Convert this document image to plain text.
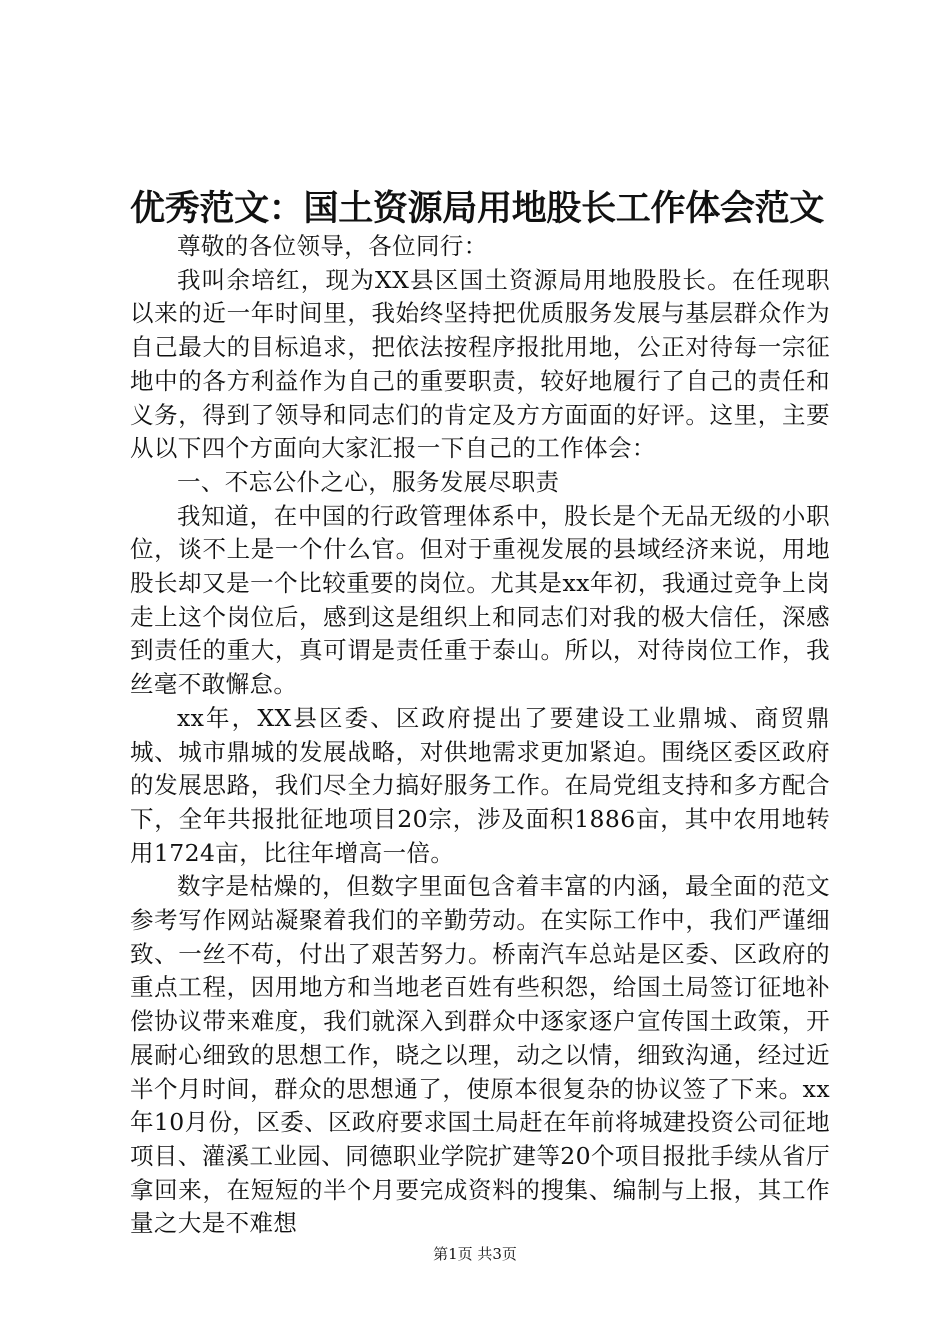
优秀范文：国土资源局用地股长工作体会范文

尊敬的各位领导，各位同行：

我叫余培红，现为XX县区国土资源局用地股股长。在任现职以来的近一年时间里，我始终坚持把优质服务发展与基层群众作为自己最大的目标追求，把依法按程序报批用地，公正对待每一宗征地中的各方利益作为自己的重要职责，较好地履行了自己的责任和义务，得到了领导和同志们的肯定及方方面面的好评。这里，主要从以下四个方面向大家汇报一下自己的工作体会：

一、不忘公仆之心，服务发展尽职责

我知道，在中国的行政管理体系中，股长是个无品无级的小职位，谈不上是一个什么官。但对于重视发展的县域经济来说，用地股长却又是一个比较重要的岗位。尤其是xx年初，我通过竞争上岗走上这个岗位后，感到这是组织上和同志们对我的极大信任，深感到责任的重大，真可谓是责任重于泰山。所以，对待岗位工作，我丝毫不敢懈怠。

xx年，XX县区委、区政府提出了要建设工业鼎城、商贸鼎城、城市鼎城的发展战略，对供地需求更加紧迫。围绕区委区政府的发展思路，我们尽全力搞好服务工作。在局党组支持和多方配合下，全年共报批征地项目20宗，涉及面积1886亩，其中农用地转用1724亩，比往年增高一倍。

数字是枯燥的，但数字里面包含着丰富的内涵，最全面的范文参考写作网站凝聚着我们的辛勤劳动。在实际工作中，我们严谨细致、一丝不苟，付出了艰苦努力。桥南汽车总站是区委、区政府的重点工程，因用地方和当地老百姓有些积怨，给国土局签订征地补偿协议带来难度，我们就深入到群众中逐家逐户宣传国土政策，开展耐心细致的思想工作，晓之以理，动之以情，细致沟通，经过近半个月时间，群众的思想通了，使原本很复杂的协议签了下来。xx年10月份，区委、区政府要求国土局赶在年前将城建投资公司征地项目、灌溪工业园、同德职业学院扩建等20个项目报批手续从省厅拿回来，在短短的半个月要完成资料的搜集、编制与上报，其工作量之大是不难想

第1页 共3页
